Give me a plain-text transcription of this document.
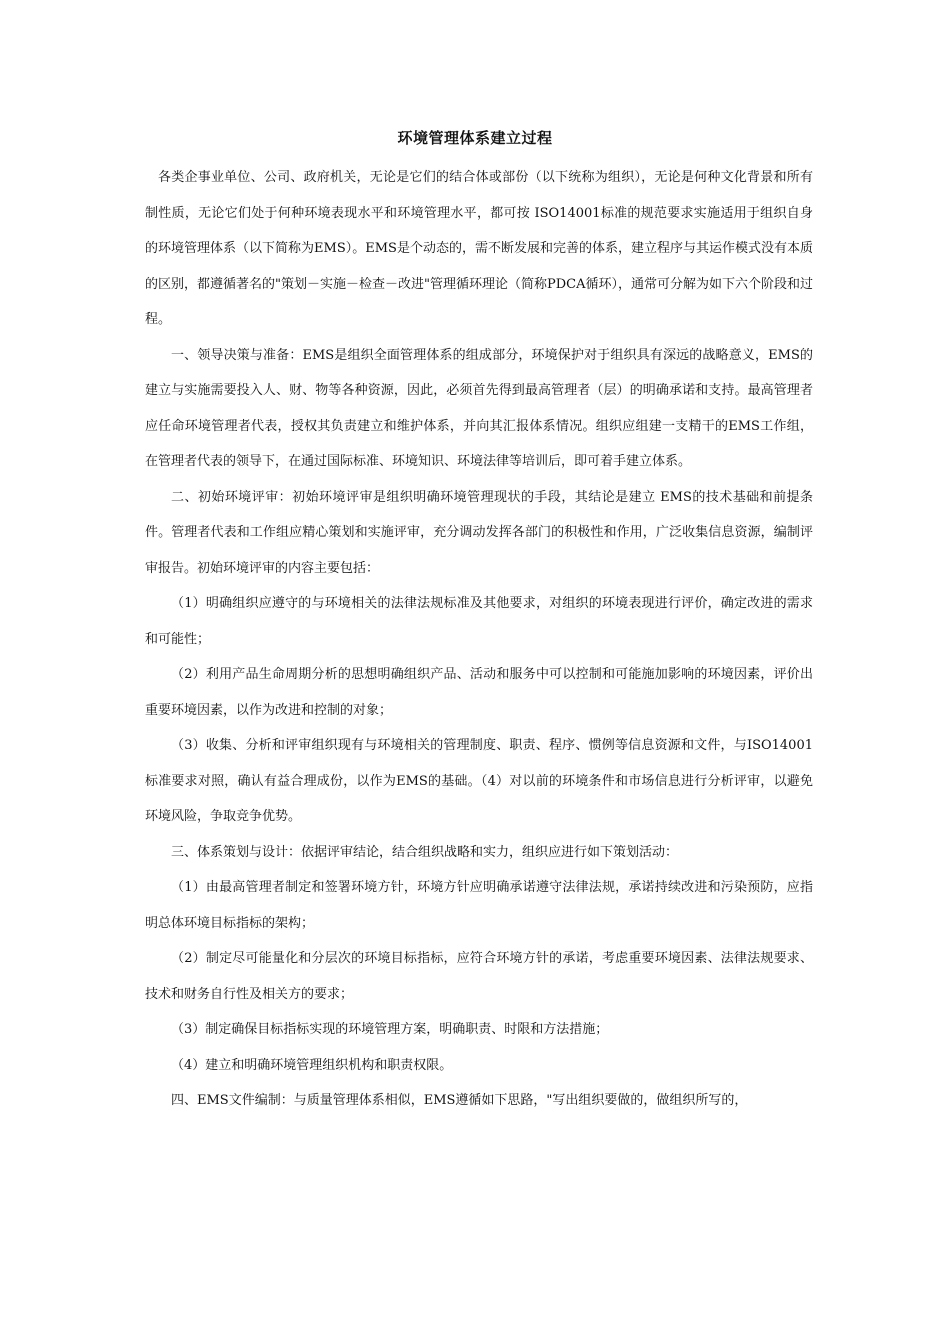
环境管理体系建立过程

各类企事业单位、公司、政府机关，无论是它们的结合体或部份（以下统称为组织），无论是何种文化背景和所有制性质，无论它们处于何种环境表现水平和环境管理水平，都可按 ISO14001标准的规范要求实施适用于组织自身的环境管理体系（以下简称为EMS）。EMS是个动态的，需不断发展和完善的体系，建立程序与其运作模式没有本质的区别，都遵循著名的"策划－实施－检查－改进"管理循环理论（简称PDCA循环），通常可分解为如下六个阶段和过程。

一、领导决策与准备：EMS是组织全面管理体系的组成部分，环境保护对于组织具有深远的战略意义，EMS的建立与实施需要投入人、财、物等各种资源，因此，必须首先得到最高管理者（层）的明确承诺和支持。最高管理者应任命环境管理者代表，授权其负责建立和维护体系，并向其汇报体系情况。组织应组建一支精干的EMS工作组，在管理者代表的领导下，在通过国际标准、环境知识、环境法律等培训后，即可着手建立体系。

二、初始环境评审：初始环境评审是组织明确环境管理现状的手段，其结论是建立 EMS的技术基础和前提条件。管理者代表和工作组应精心策划和实施评审，充分调动发挥各部门的积极性和作用，广泛收集信息资源，编制评审报告。初始环境评审的内容主要包括：

（1）明确组织应遵守的与环境相关的法律法规标准及其他要求，对组织的环境表现进行评价，确定改进的需求和可能性；

（2）利用产品生命周期分析的思想明确组织产品、活动和服务中可以控制和可能施加影响的环境因素，评价出重要环境因素，以作为改进和控制的对象；

（3）收集、分析和评审组织现有与环境相关的管理制度、职责、程序、惯例等信息资源和文件，与ISO14001标准要求对照，确认有益合理成份，以作为EMS的基础。（4）对以前的环境条件和市场信息进行分析评审，以避免环境风险，争取竞争优势。

三、体系策划与设计：依据评审结论，结合组织战略和实力，组织应进行如下策划活动：

（1）由最高管理者制定和签署环境方针，环境方针应明确承诺遵守法律法规，承诺持续改进和污染预防，应指明总体环境目标指标的架构；

（2）制定尽可能量化和分层次的环境目标指标，应符合环境方针的承诺，考虑重要环境因素、法律法规要求、技术和财务自行性及相关方的要求；

（3）制定确保目标指标实现的环境管理方案，明确职责、时限和方法措施；

（4）建立和明确环境管理组织机构和职责权限。

四、EMS文件编制：与质量管理体系相似，EMS遵循如下思路，"写出组织要做的，做组织所写的，
